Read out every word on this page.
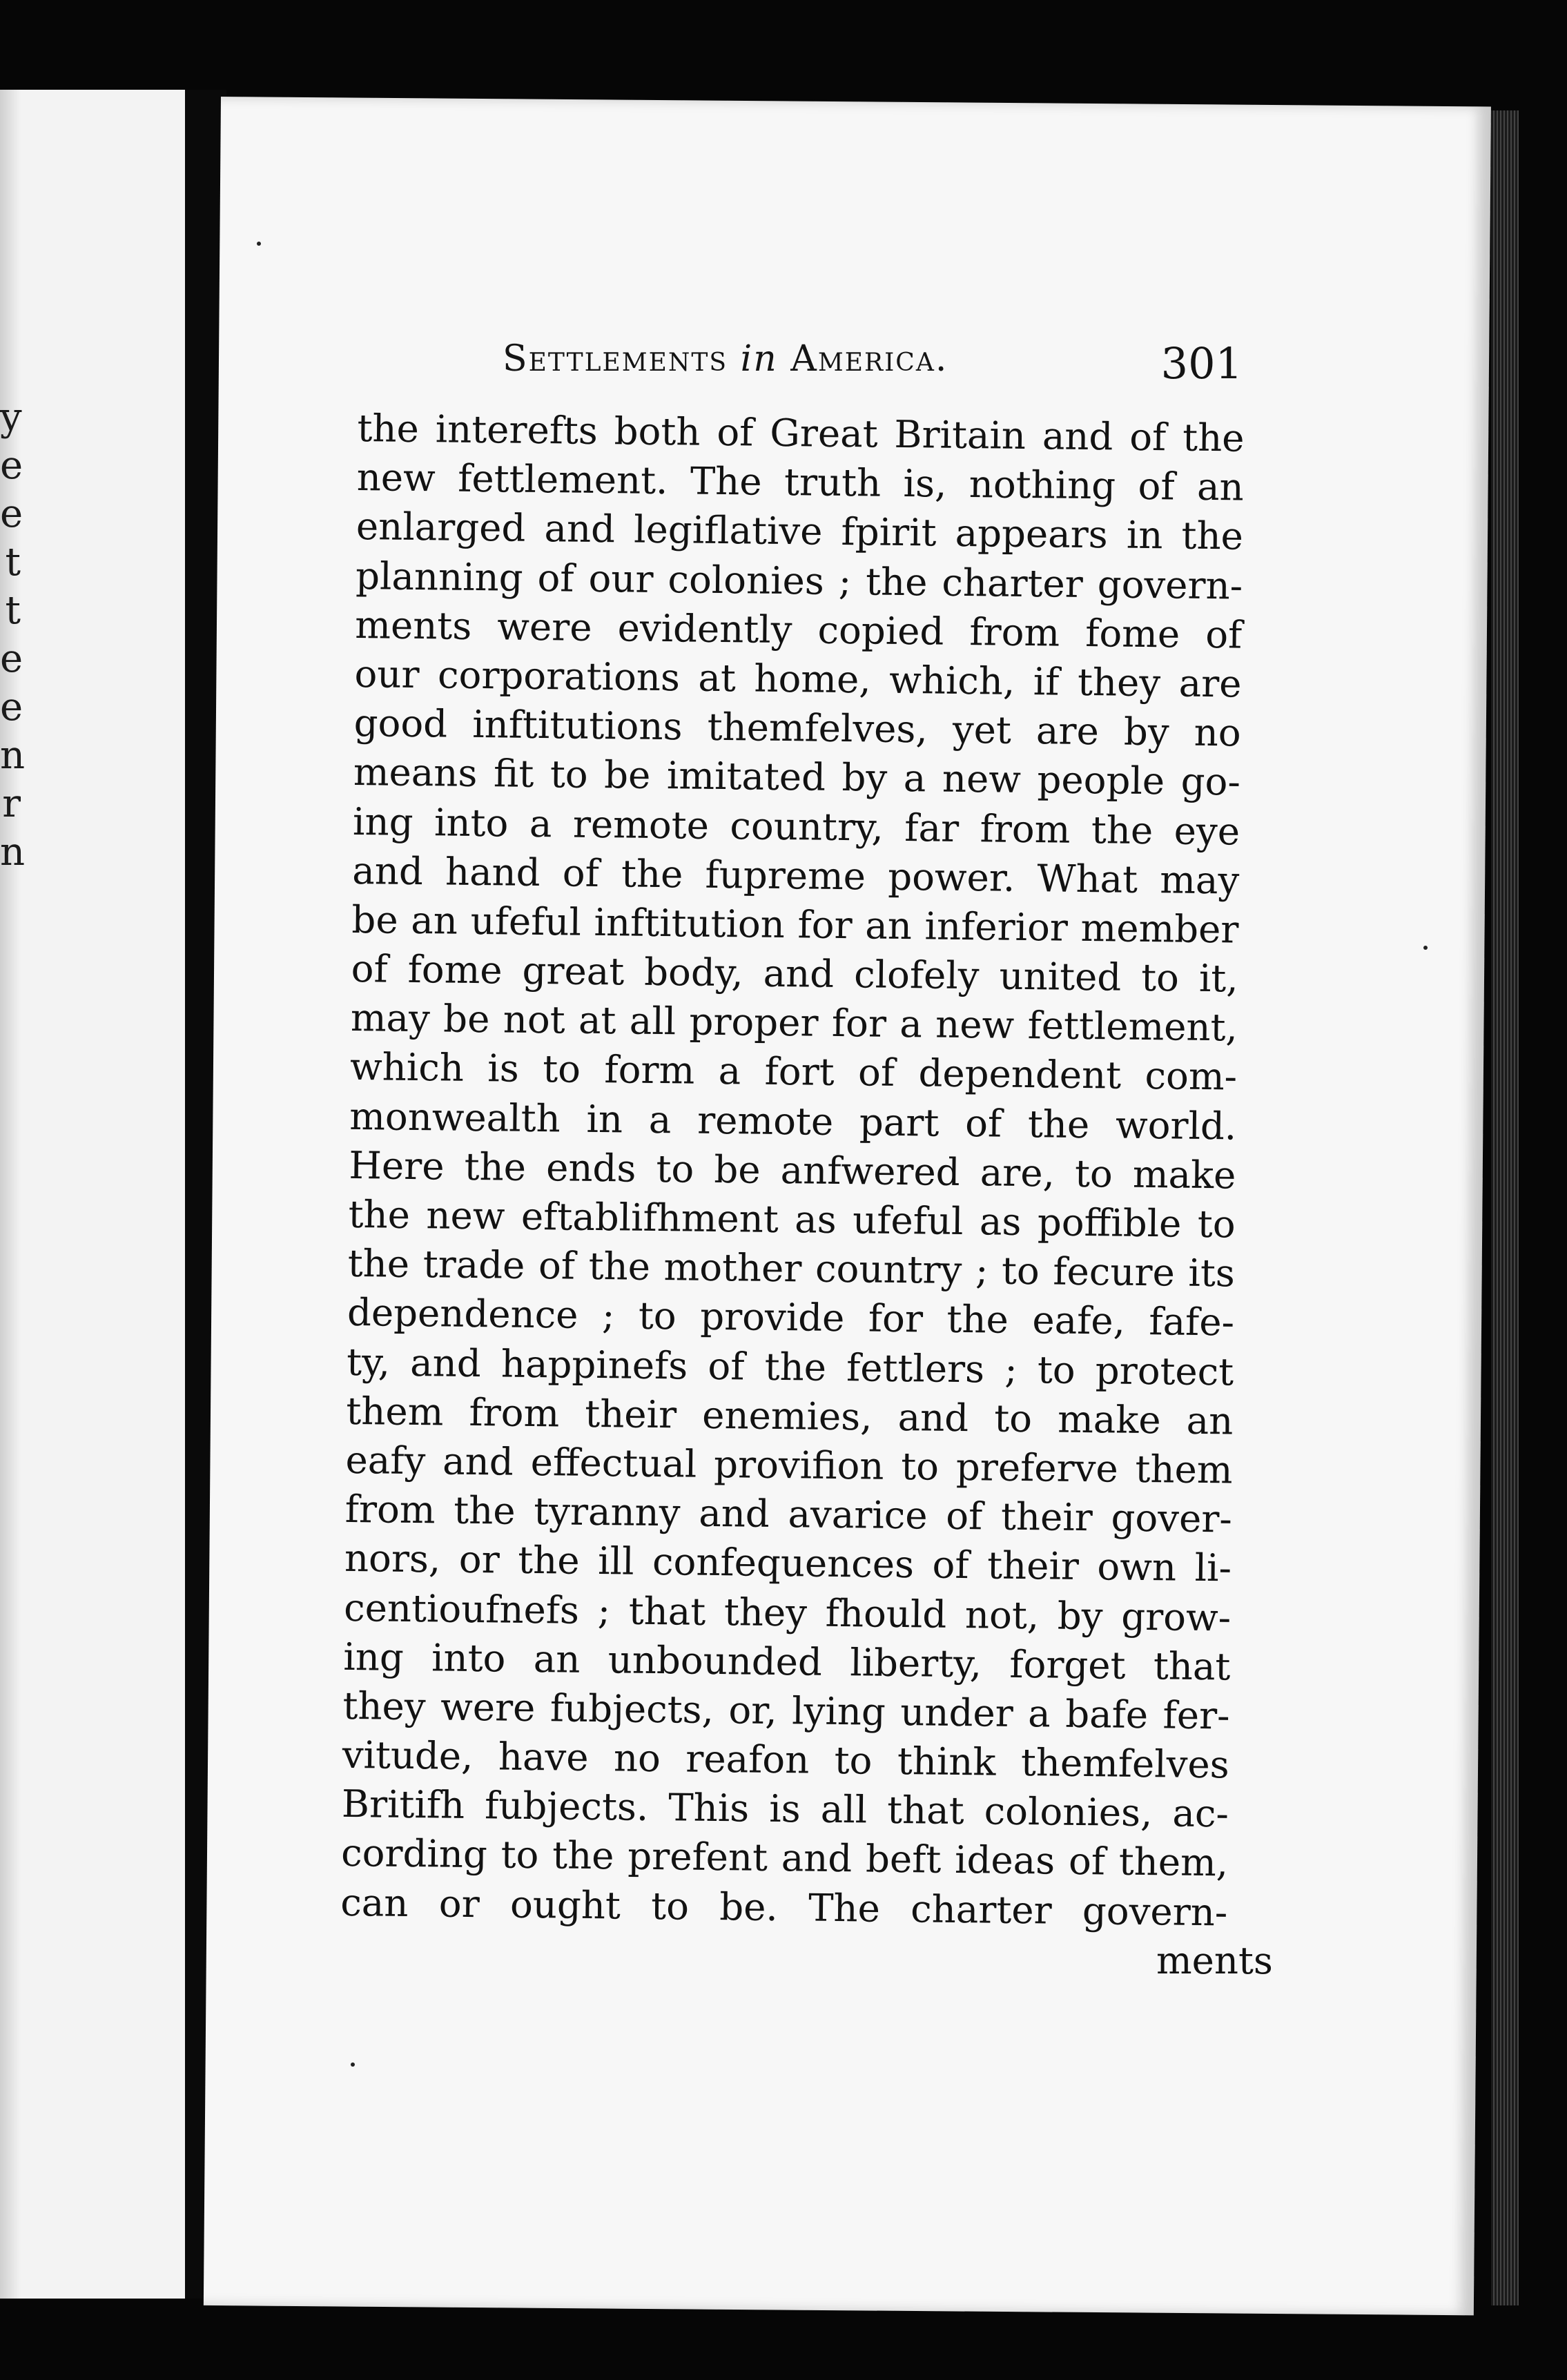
y
e
e
t
t
e
e
n
r
n
Settlements in America.	301
the interefts both of Great Britain and of the
new fettlement. The truth is, nothing of an
enlarged and legiflative fpirit appears in the
planning of our colonies ; the charter govern-
ments were evidently copied from fome of
our corporations at home, which, if they are
good inftitutions themfelves, yet are by no
means fit to be imitated by a new people go-
ing into a remote country, far from the eye
and hand of the fupreme power. What may
be an ufeful inftitution for an inferior member
of fome great body, and clofely united to it,
may be not at all proper for a new fettlement,
which is to form a fort of dependent com-
monwealth in a remote part of the world.
Here the ends to be anfwered are, to make
the new eftablifhment as ufeful as poffible to
the trade of the mother country ; to fecure its
dependence ; to provide for the eafe, fafe-
ty, and happinefs of the fettlers ; to protect
them from their enemies, and to make an
eafy and effectual provifion to preferve them
from the tyranny and avarice of their gover-
nors, or the ill confequences of their own li-
centioufnefs ; that they fhould not, by grow-
ing into an unbounded liberty, forget that
they were fubjects, or, lying under a bafe fer-
vitude, have no reafon to think themfelves
Britifh fubjects. This is all that colonies, ac-
cording to the prefent and beft ideas of them,
can or ought to be. The charter govern-
ments
